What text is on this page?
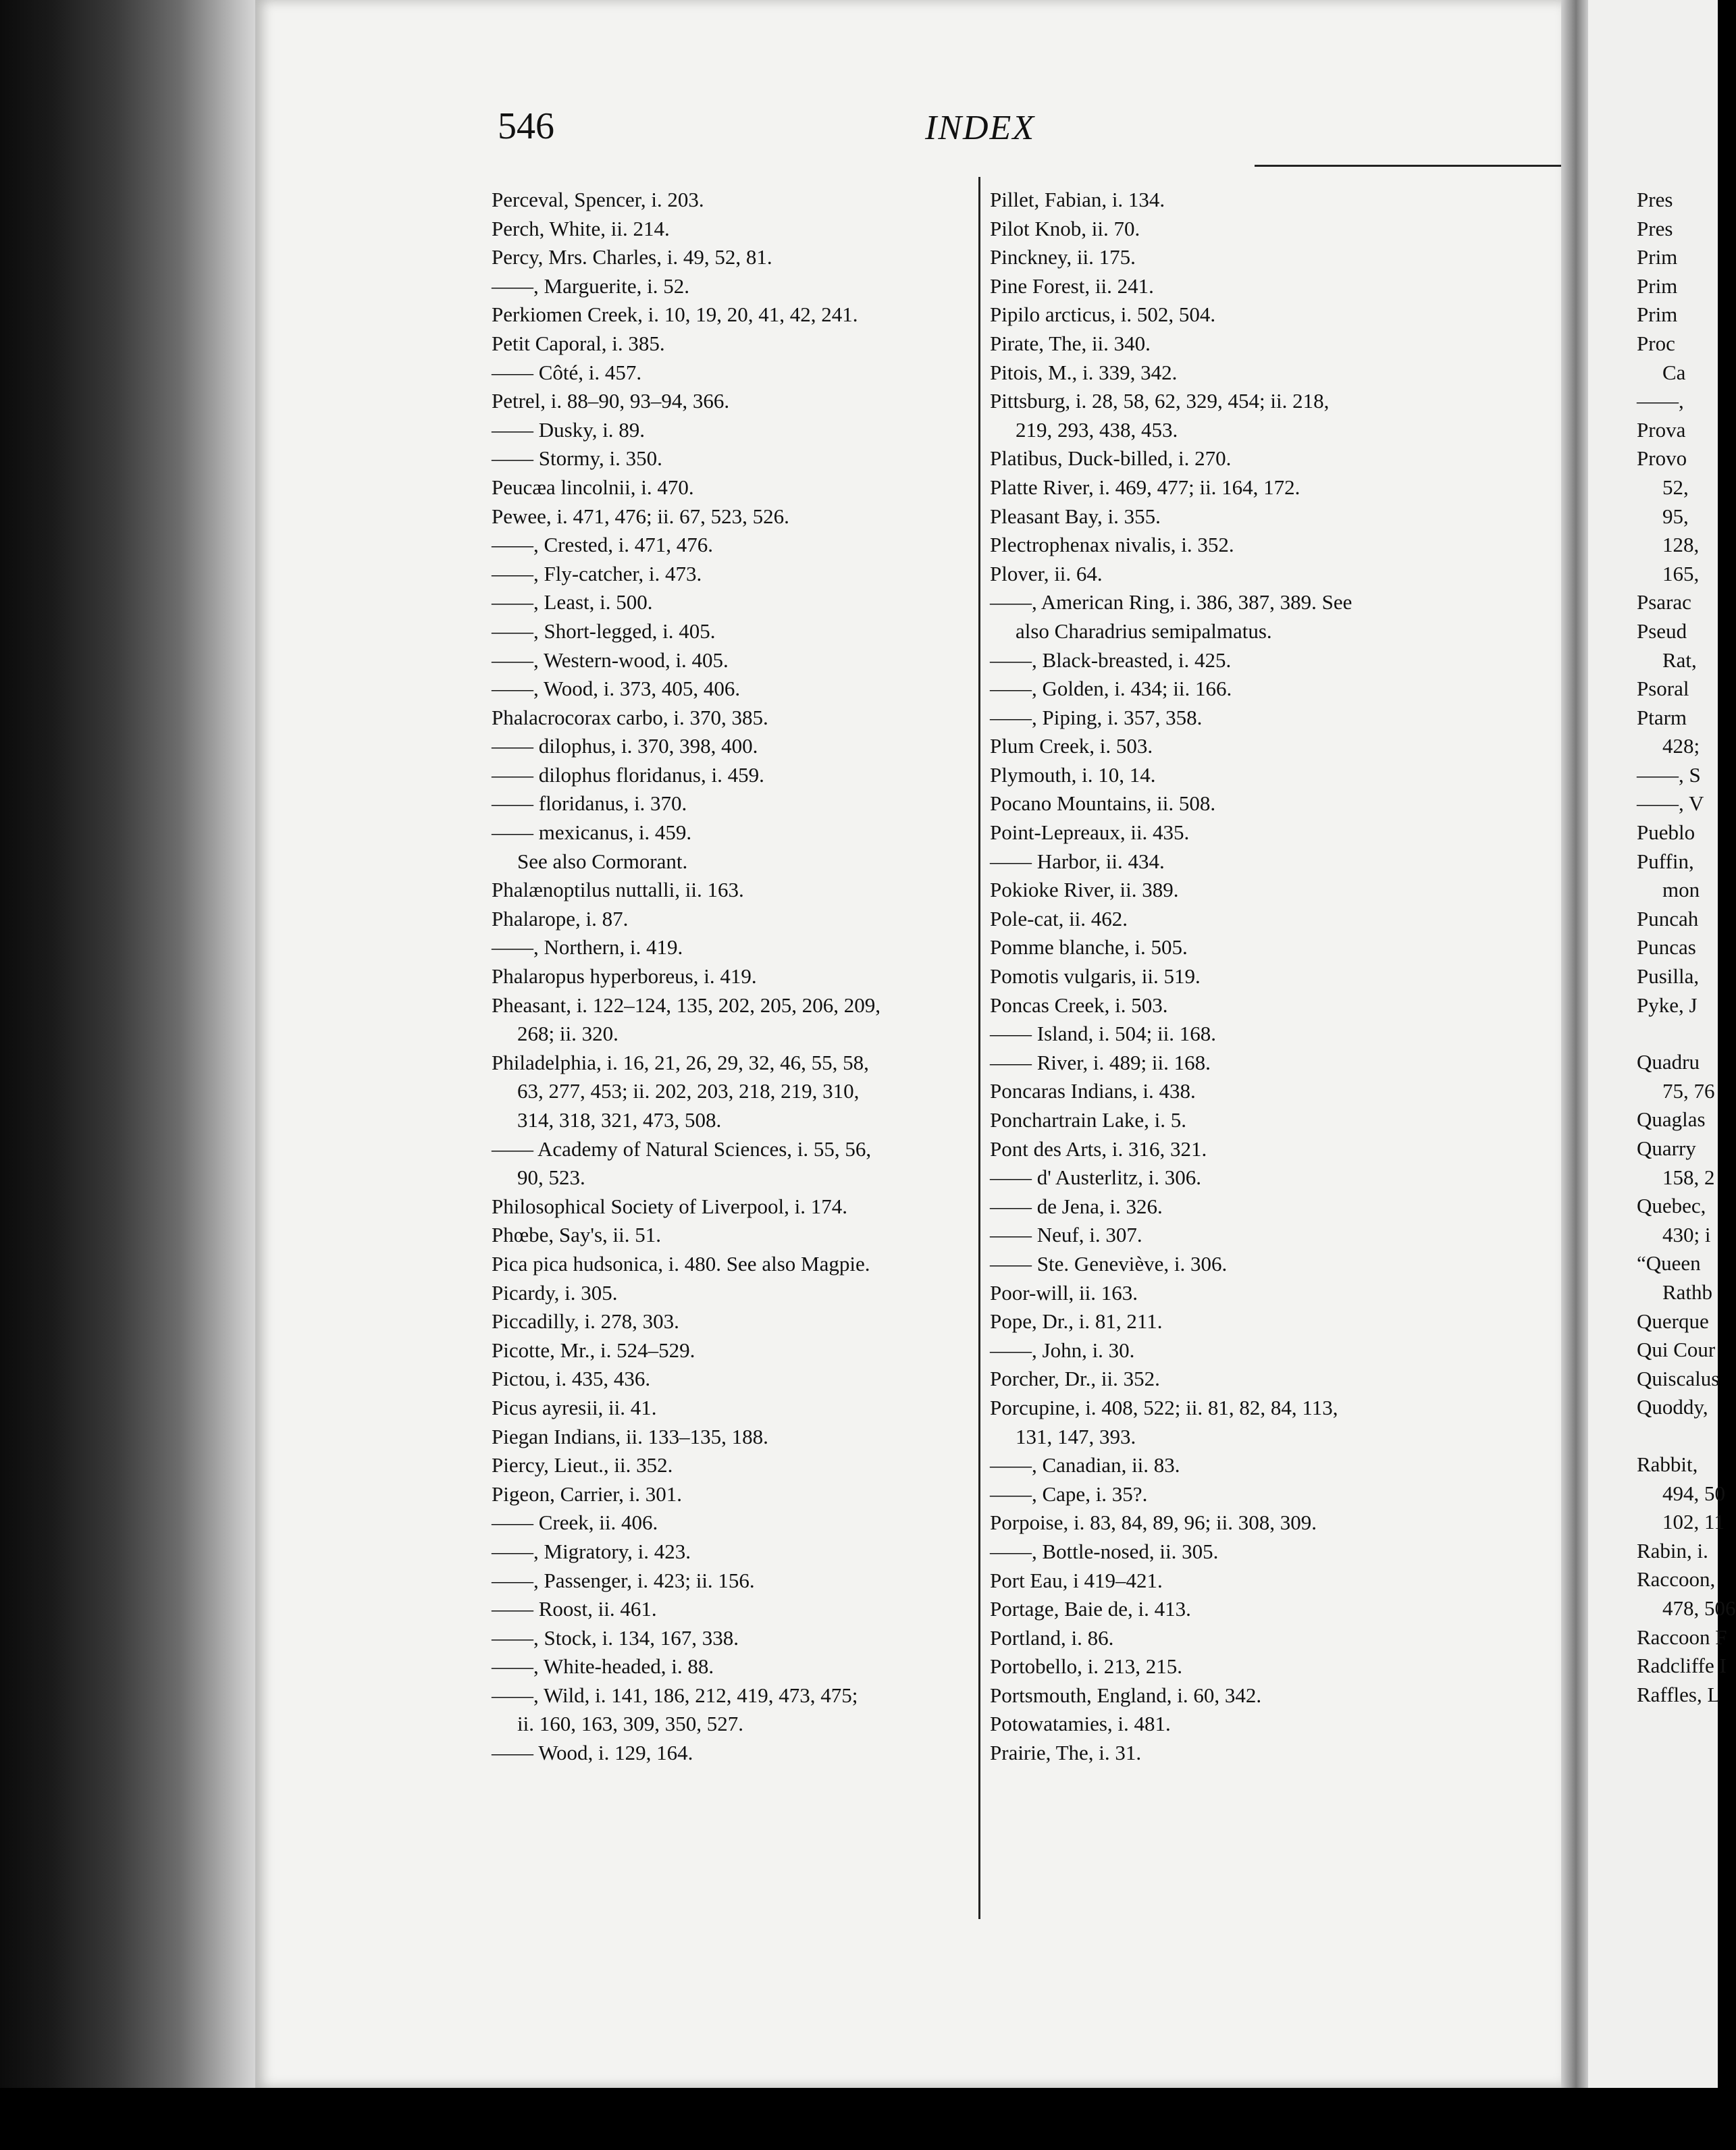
546	INDEX
Perceval, Spencer, i. 203.
Perch, White, ii. 214.
Percy, Mrs. Charles, i. 49, 52, 81.
——, Marguerite, i. 52.
Perkiomen Creek, i. 10, 19, 20, 41, 42, 241.
Petit Caporal, i. 385.
—— Côté, i. 457.
Petrel, i. 88–90, 93–94, 366.
—— Dusky, i. 89.
—— Stormy, i. 350.
Peucæa lincolnii, i. 470.
Pewee, i. 471, 476; ii. 67, 523, 526.
——, Crested, i. 471, 476.
——, Fly-catcher, i. 473.
——, Least, i. 500.
——, Short-legged, i. 405.
——, Western-wood, i. 405.
——, Wood, i. 373, 405, 406.
Phalacrocorax carbo, i. 370, 385.
—— dilophus, i. 370, 398, 400.
—— dilophus floridanus, i. 459.
—— floridanus, i. 370.
—— mexicanus, i. 459.
See also Cormorant.
Phalænoptilus nuttalli, ii. 163.
Phalarope, i. 87.
——, Northern, i. 419.
Phalaropus hyperboreus, i. 419.
Pheasant, i. 122–124, 135, 202, 205, 206, 209,
268; ii. 320.
Philadelphia, i. 16, 21, 26, 29, 32, 46, 55, 58,
63, 277, 453; ii. 202, 203, 218, 219, 310,
314, 318, 321, 473, 508.
—— Academy of Natural Sciences, i. 55, 56,
90, 523.
Philosophical Society of Liverpool, i. 174.
Phœbe, Say's, ii. 51.
Pica pica hudsonica, i. 480. See also Magpie.
Picardy, i. 305.
Piccadilly, i. 278, 303.
Picotte, Mr., i. 524–529.
Pictou, i. 435, 436.
Picus ayresii, ii. 41.
Piegan Indians, ii. 133–135, 188.
Piercy, Lieut., ii. 352.
Pigeon, Carrier, i. 301.
—— Creek, ii. 406.
——, Migratory, i. 423.
——, Passenger, i. 423; ii. 156.
—— Roost, ii. 461.
——, Stock, i. 134, 167, 338.
——, White-headed, i. 88.
——, Wild, i. 141, 186, 212, 419, 473, 475;
ii. 160, 163, 309, 350, 527.
—— Wood, i. 129, 164.
Pillet, Fabian, i. 134.
Pilot Knob, ii. 70.
Pinckney, ii. 175.
Pine Forest, ii. 241.
Pipilo arcticus, i. 502, 504.
Pirate, The, ii. 340.
Pitois, M., i. 339, 342.
Pittsburg, i. 28, 58, 62, 329, 454; ii. 218,
219, 293, 438, 453.
Platibus, Duck-billed, i. 270.
Platte River, i. 469, 477; ii. 164, 172.
Pleasant Bay, i. 355.
Plectrophenax nivalis, i. 352.
Plover, ii. 64.
——, American Ring, i. 386, 387, 389. See
also Charadrius semipalmatus.
——, Black-breasted, i. 425.
——, Golden, i. 434; ii. 166.
——, Piping, i. 357, 358.
Plum Creek, i. 503.
Plymouth, i. 10, 14.
Pocano Mountains, ii. 508.
Point-Lepreaux, ii. 435.
—— Harbor, ii. 434.
Pokioke River, ii. 389.
Pole-cat, ii. 462.
Pomme blanche, i. 505.
Pomotis vulgaris, ii. 519.
Poncas Creek, i. 503.
—— Island, i. 504; ii. 168.
—— River, i. 489; ii. 168.
Poncaras Indians, i. 438.
Ponchartrain Lake, i. 5.
Pont des Arts, i. 316, 321.
—— d' Austerlitz, i. 306.
—— de Jena, i. 326.
—— Neuf, i. 307.
—— Ste. Geneviève, i. 306.
Poor-will, ii. 163.
Pope, Dr., i. 81, 211.
——, John, i. 30.
Porcher, Dr., ii. 352.
Porcupine, i. 408, 522; ii. 81, 82, 84, 113,
131, 147, 393.
——, Canadian, ii. 83.
——, Cape, i. 35?.
Porpoise, i. 83, 84, 89, 96; ii. 308, 309.
——, Bottle-nosed, ii. 305.
Port Eau, i 419–421.
Portage, Baie de, i. 413.
Portland, i. 86.
Portobello, i. 213, 215.
Portsmouth, England, i. 60, 342.
Potowatamies, i. 481.
Prairie, The, i. 31.
Pres
Pres
Prim
Prim
Prim
Proc
Ca
——,
Prova
Provo
52,
95,
128,
165,
Psarac
Pseud
Rat,
Psoral
Ptarm
428;
——, S
——, V
Pueblo
Puffin,
mon
Puncah
Puncas
Pusilla,
Pyke, J
Quadru
75, 76
Quaglas
Quarry
158, 2
Quebec,
430; i
“Queen
Rathb
Querque
Qui Cour
Quiscalus
Quoddy,
Rabbit,
494, 50
102, 11
Rabin, i.
Raccoon,
478, 506
Raccoon F
Radcliffe I
Raffles, L
